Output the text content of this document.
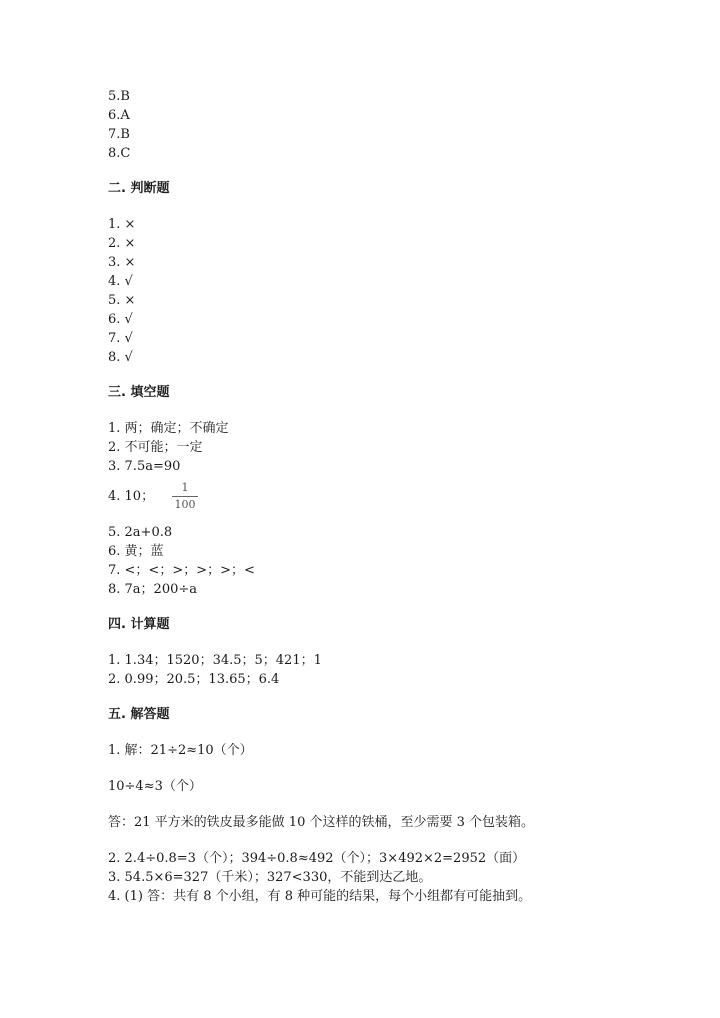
5.B
6.A
7.B
8.C
二. 判断题
1. ×
2. ×
3. ×
4. √
5. ×
6. √
7. √
8. √
三. 填空题
1. 两；确定；不确定
2. 不可能；一定
3. 7.5a=90
4. 10；
1
100
5. 2a+0.8
6. 黄；蓝
7. <；<；>；>；>；<
8. 7a；200÷a
四. 计算题
1. 1.34；1520；34.5；5；421；1
2. 0.99；20.5；13.65；6.4
五. 解答题
1. 解：21÷2≈10（个）
10÷4≈3（个）
答：21 平方米的铁皮最多能做 10 个这样的铁桶，至少需要 3 个包装箱。
2. 2.4÷0.8=3（个）；394÷0.8≈492（个）；3×492×2=2952（面）
3. 54.5×6=327（千米）；327<330，不能到达乙地。
4. (1) 答：共有 8 个小组，有 8 种可能的结果，每个小组都有可能抽到。
